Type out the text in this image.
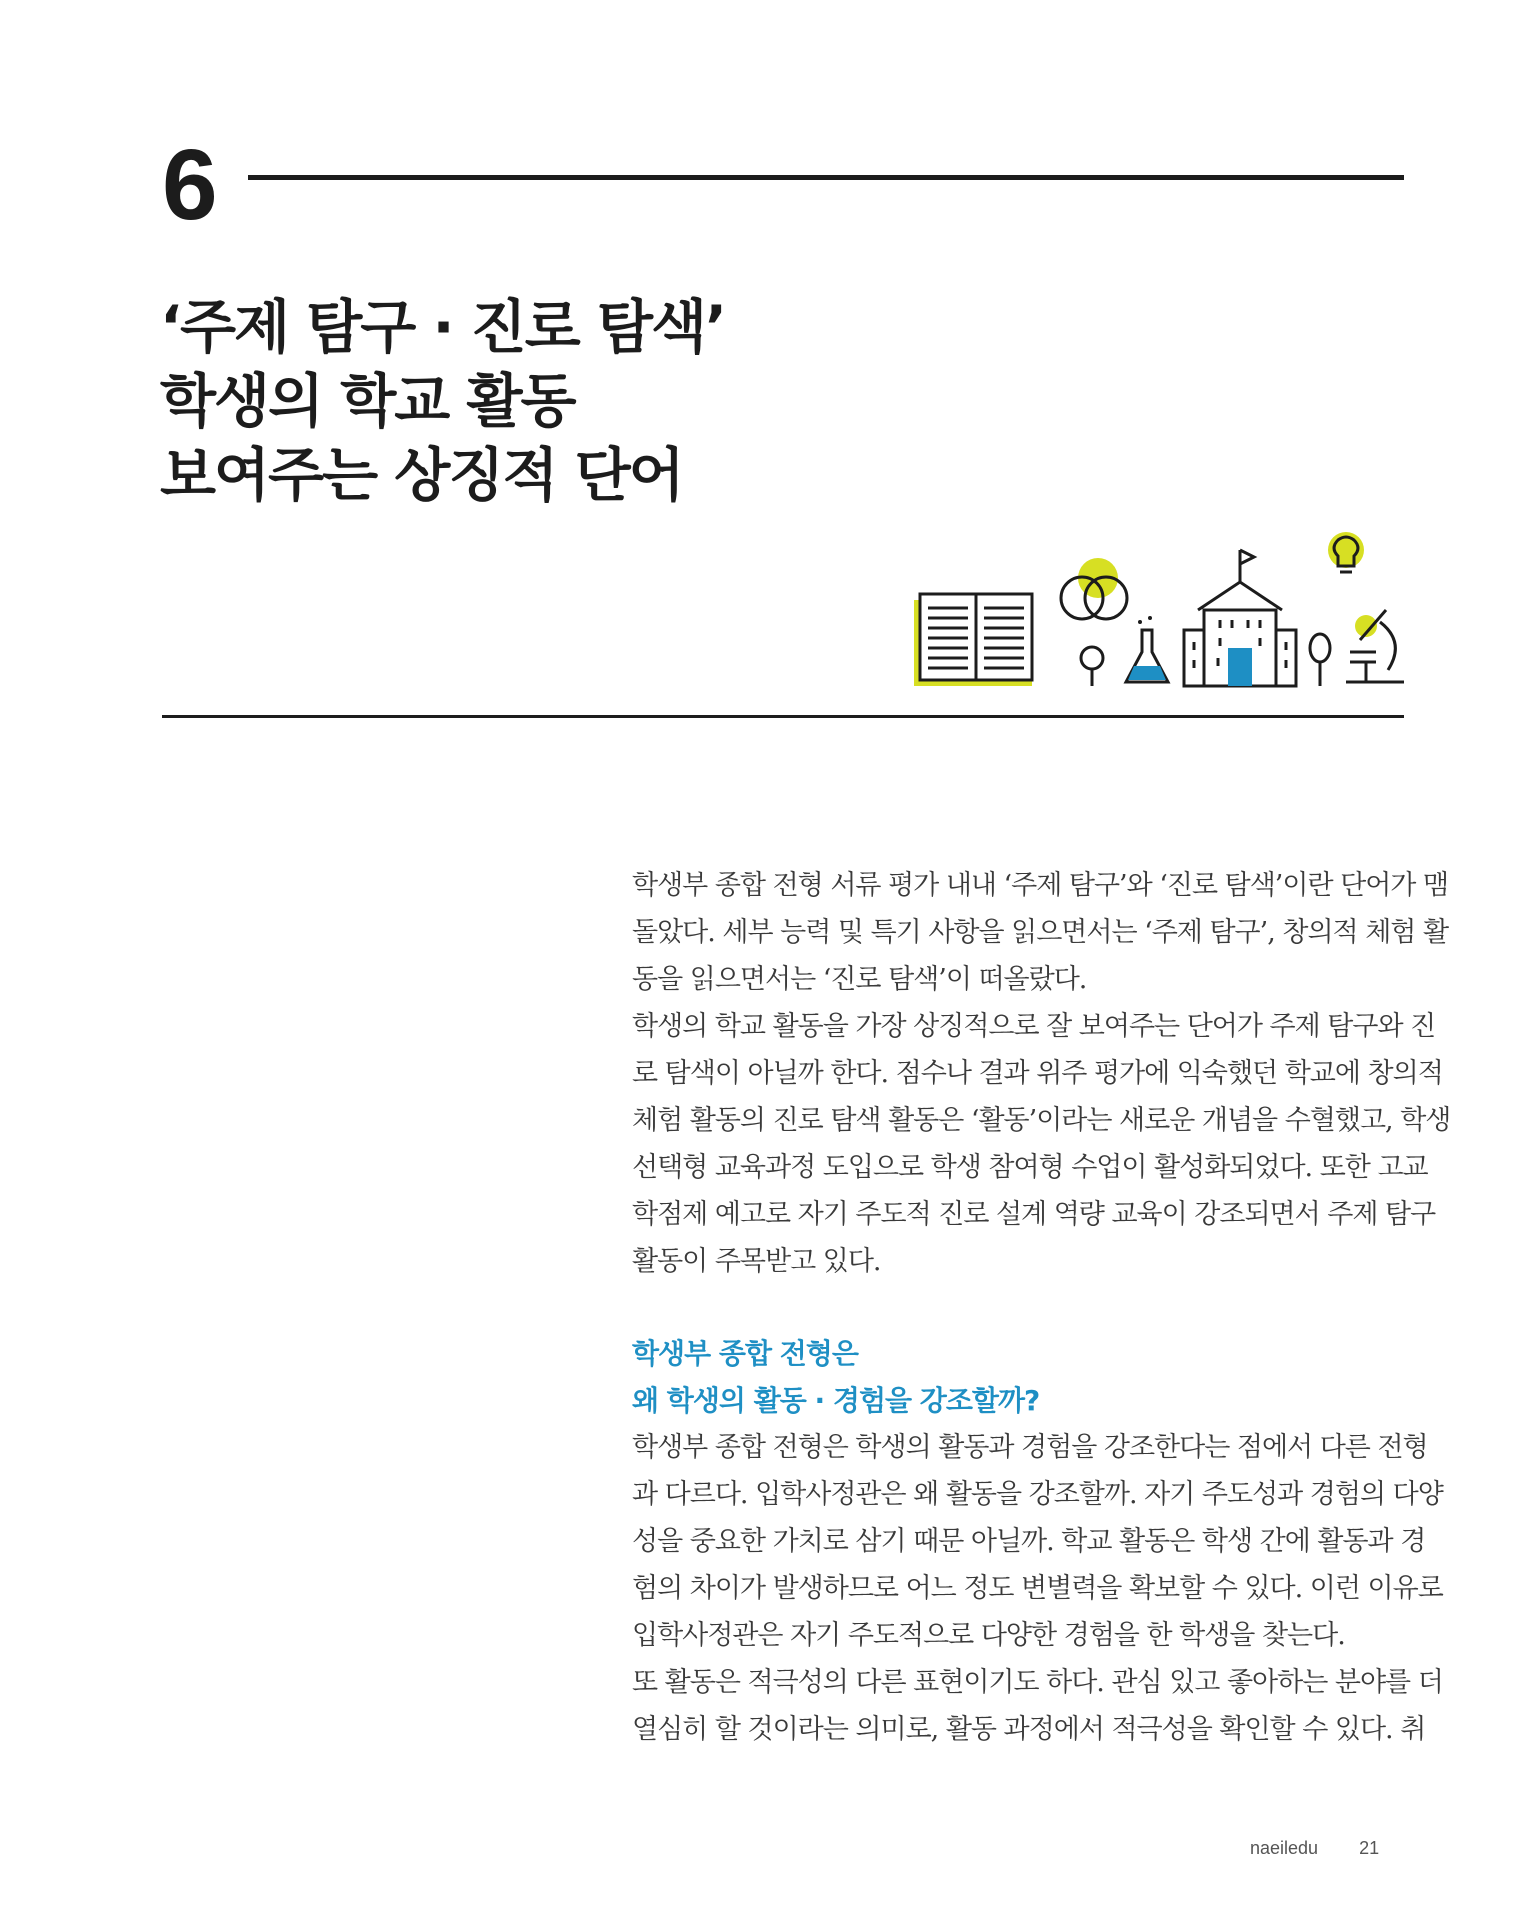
6
‘주제 탐구 · 진로 탐색’
학생의 학교 활동
보여주는 상징적 단어

학생부 종합 전형 서류 평가 내내 ‘주제 탐구’와 ‘진로 탐색’이란 단어가 맴

돌았다. 세부 능력 및 특기 사항을 읽으면서는 ‘주제 탐구’, 창의적 체험 활

동을 읽으면서는 ‘진로 탐색’이 떠올랐다.

학생의 학교 활동을 가장 상징적으로 잘 보여주는 단어가 주제 탐구와 진

로 탐색이 아닐까 한다. 점수나 결과 위주 평가에 익숙했던 학교에 창의적

체험 활동의 진로 탐색 활동은 ‘활동’이라는 새로운 개념을 수혈했고, 학생

선택형 교육과정 도입으로 학생 참여형 수업이 활성화되었다. 또한 고교

학점제 예고로 자기 주도적 진로 설계 역량 교육이 강조되면서 주제 탐구

활동이 주목받고 있다.

학생부 종합 전형은
왜 학생의 활동 · 경험을 강조할까?

학생부 종합 전형은 학생의 활동과 경험을 강조한다는 점에서 다른 전형

과 다르다. 입학사정관은 왜 활동을 강조할까. 자기 주도성과 경험의 다양

성을 중요한 가치로 삼기 때문 아닐까. 학교 활동은 학생 간에 활동과 경

험의 차이가 발생하므로 어느 정도 변별력을 확보할 수 있다. 이런 이유로

입학사정관은 자기 주도적으로 다양한 경험을 한 학생을 찾는다.

또 활동은 적극성의 다른 표현이기도 하다. 관심 있고 좋아하는 분야를 더

열심히 할 것이라는 의미로, 활동 과정에서 적극성을 확인할 수 있다. 취

naeiledu 21
